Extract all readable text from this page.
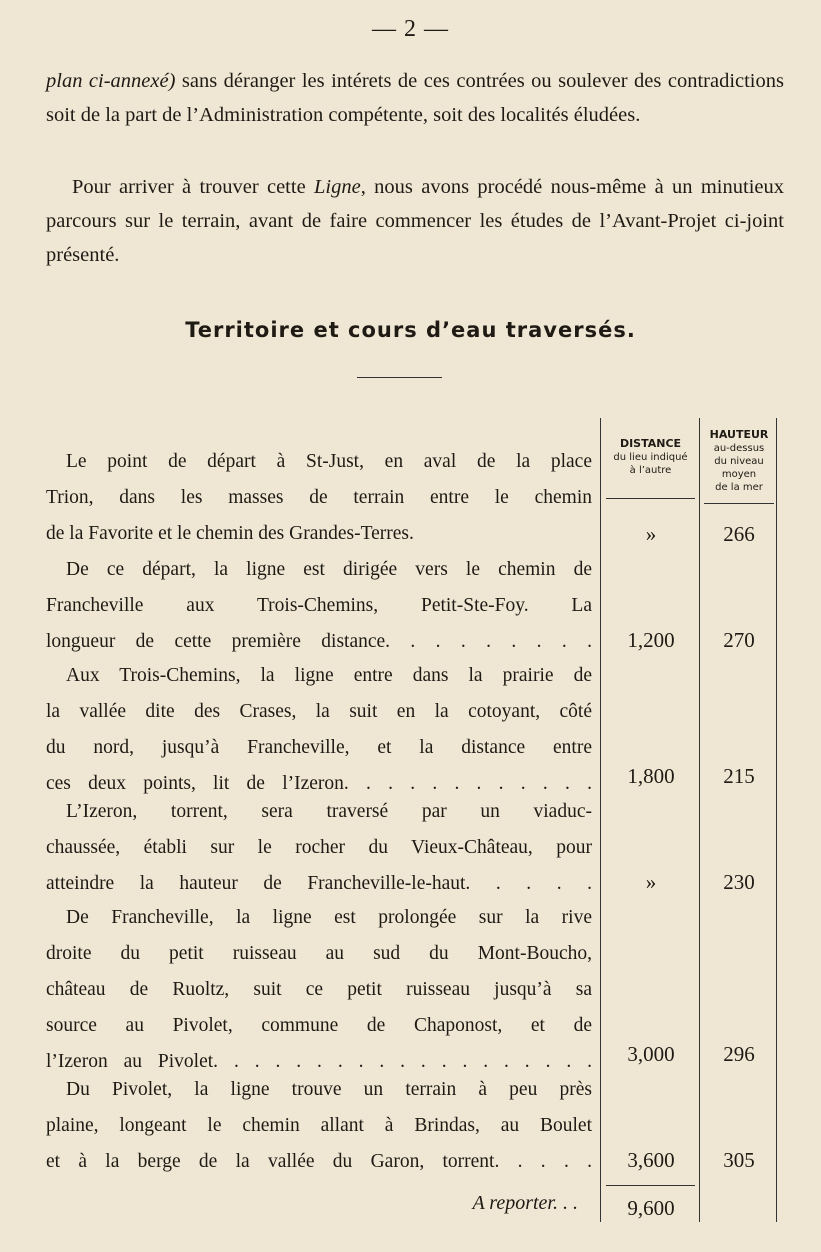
— 2 —
plan ci-annexé) sans déranger les intérets de ces contrées ou soulever des contradictions soit de la part de l’Administration compétente, soit des localités éludées.
Pour arriver à trouver cette Ligne, nous avons procédé nous-même à un minutieux parcours sur le terrain, avant de faire commencer les études de l’Avant-Projet ci-joint présenté.
Territoire et cours d’eau traversés.
DISTANCE
du lieu indiqué
à l’autre
HAUTEUR
au-dessus
du niveau
moyen
de la mer
Le point de départ à St-Just, en aval de la place
Trion, dans les masses de terrain entre le chemin
de la Favorite et le chemin des Grandes-Terres.	»	266
De ce départ, la ligne est dirigée vers le chemin de
Francheville aux Trois-Chemins, Petit-Ste-Foy. La
longueur de cette première distance. . . . . . . . .	1,200	270
Aux Trois-Chemins, la ligne entre dans la prairie de
la vallée dite des Crases, la suit en la cotoyant, côté
du nord, jusqu’à Francheville, et la distance entre
ces deux points, lit de l’Izeron. . . . . . . . . . . .	1,800	215
L’Izeron, torrent, sera traversé par un viaduc-
chaussée, établi sur le rocher du Vieux-Château, pour
atteindre la hauteur de Francheville-le-haut. . . . .	»	230
De Francheville, la ligne est prolongée sur la rive
droite du petit ruisseau au sud du Mont-Boucho,
château de Ruoltz, suit ce petit ruisseau jusqu’à sa
source au Pivolet, commune de Chaponost, et de
l’Izeron au Pivolet. . . . . . . . . . . . . . . . . . .	3,000	296
Du Pivolet, la ligne trouve un terrain à peu près
plaine, longeant le chemin allant à Brindas, au Boulet
et à la berge de la vallée du Garon, torrent. . . . .	3,600	305
A reporter. . .	9,600
